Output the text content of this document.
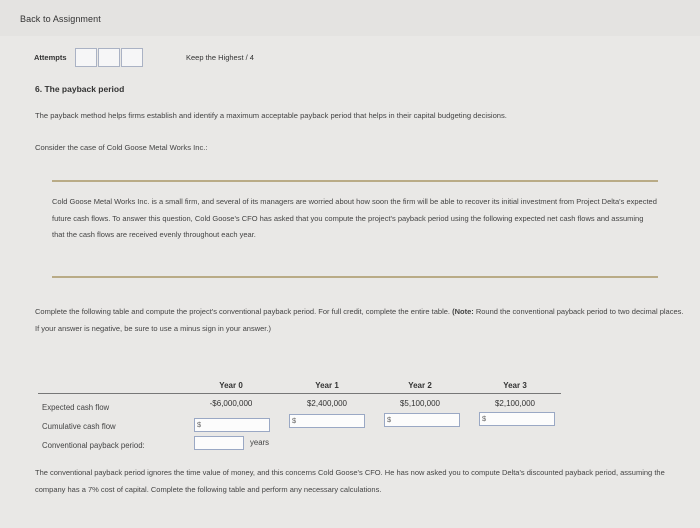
Back to Assignment
Attempts	Keep the Highest / 4
6. The payback period
The payback method helps firms establish and identify a maximum acceptable payback period that helps in their capital budgeting decisions.
Consider the case of Cold Goose Metal Works Inc.:
Cold Goose Metal Works Inc. is a small firm, and several of its managers are worried about how soon the firm will be able to recover its initial investment from Project Delta's expected future cash flows. To answer this question, Cold Goose's CFO has asked that you compute the project's payback period using the following expected net cash flows and assuming that the cash flows are received evenly throughout each year.
Complete the following table and compute the project's conventional payback period. For full credit, complete the entire table. (Note: Round the conventional payback period to two decimal places. If your answer is negative, be sure to use a minus sign in your answer.)
Year 0	Year 1	Year 2	Year 3
Expected cash flow	-$6,000,000	$2,400,000	$5,100,000	$2,100,000
Cumulative cash flow	$	$	$	$
Conventional payback period:	years
The conventional payback period ignores the time value of money, and this concerns Cold Goose's CFO. He has now asked you to compute Delta's discounted payback period, assuming the company has a 7% cost of capital. Complete the following table and perform any necessary calculations.
